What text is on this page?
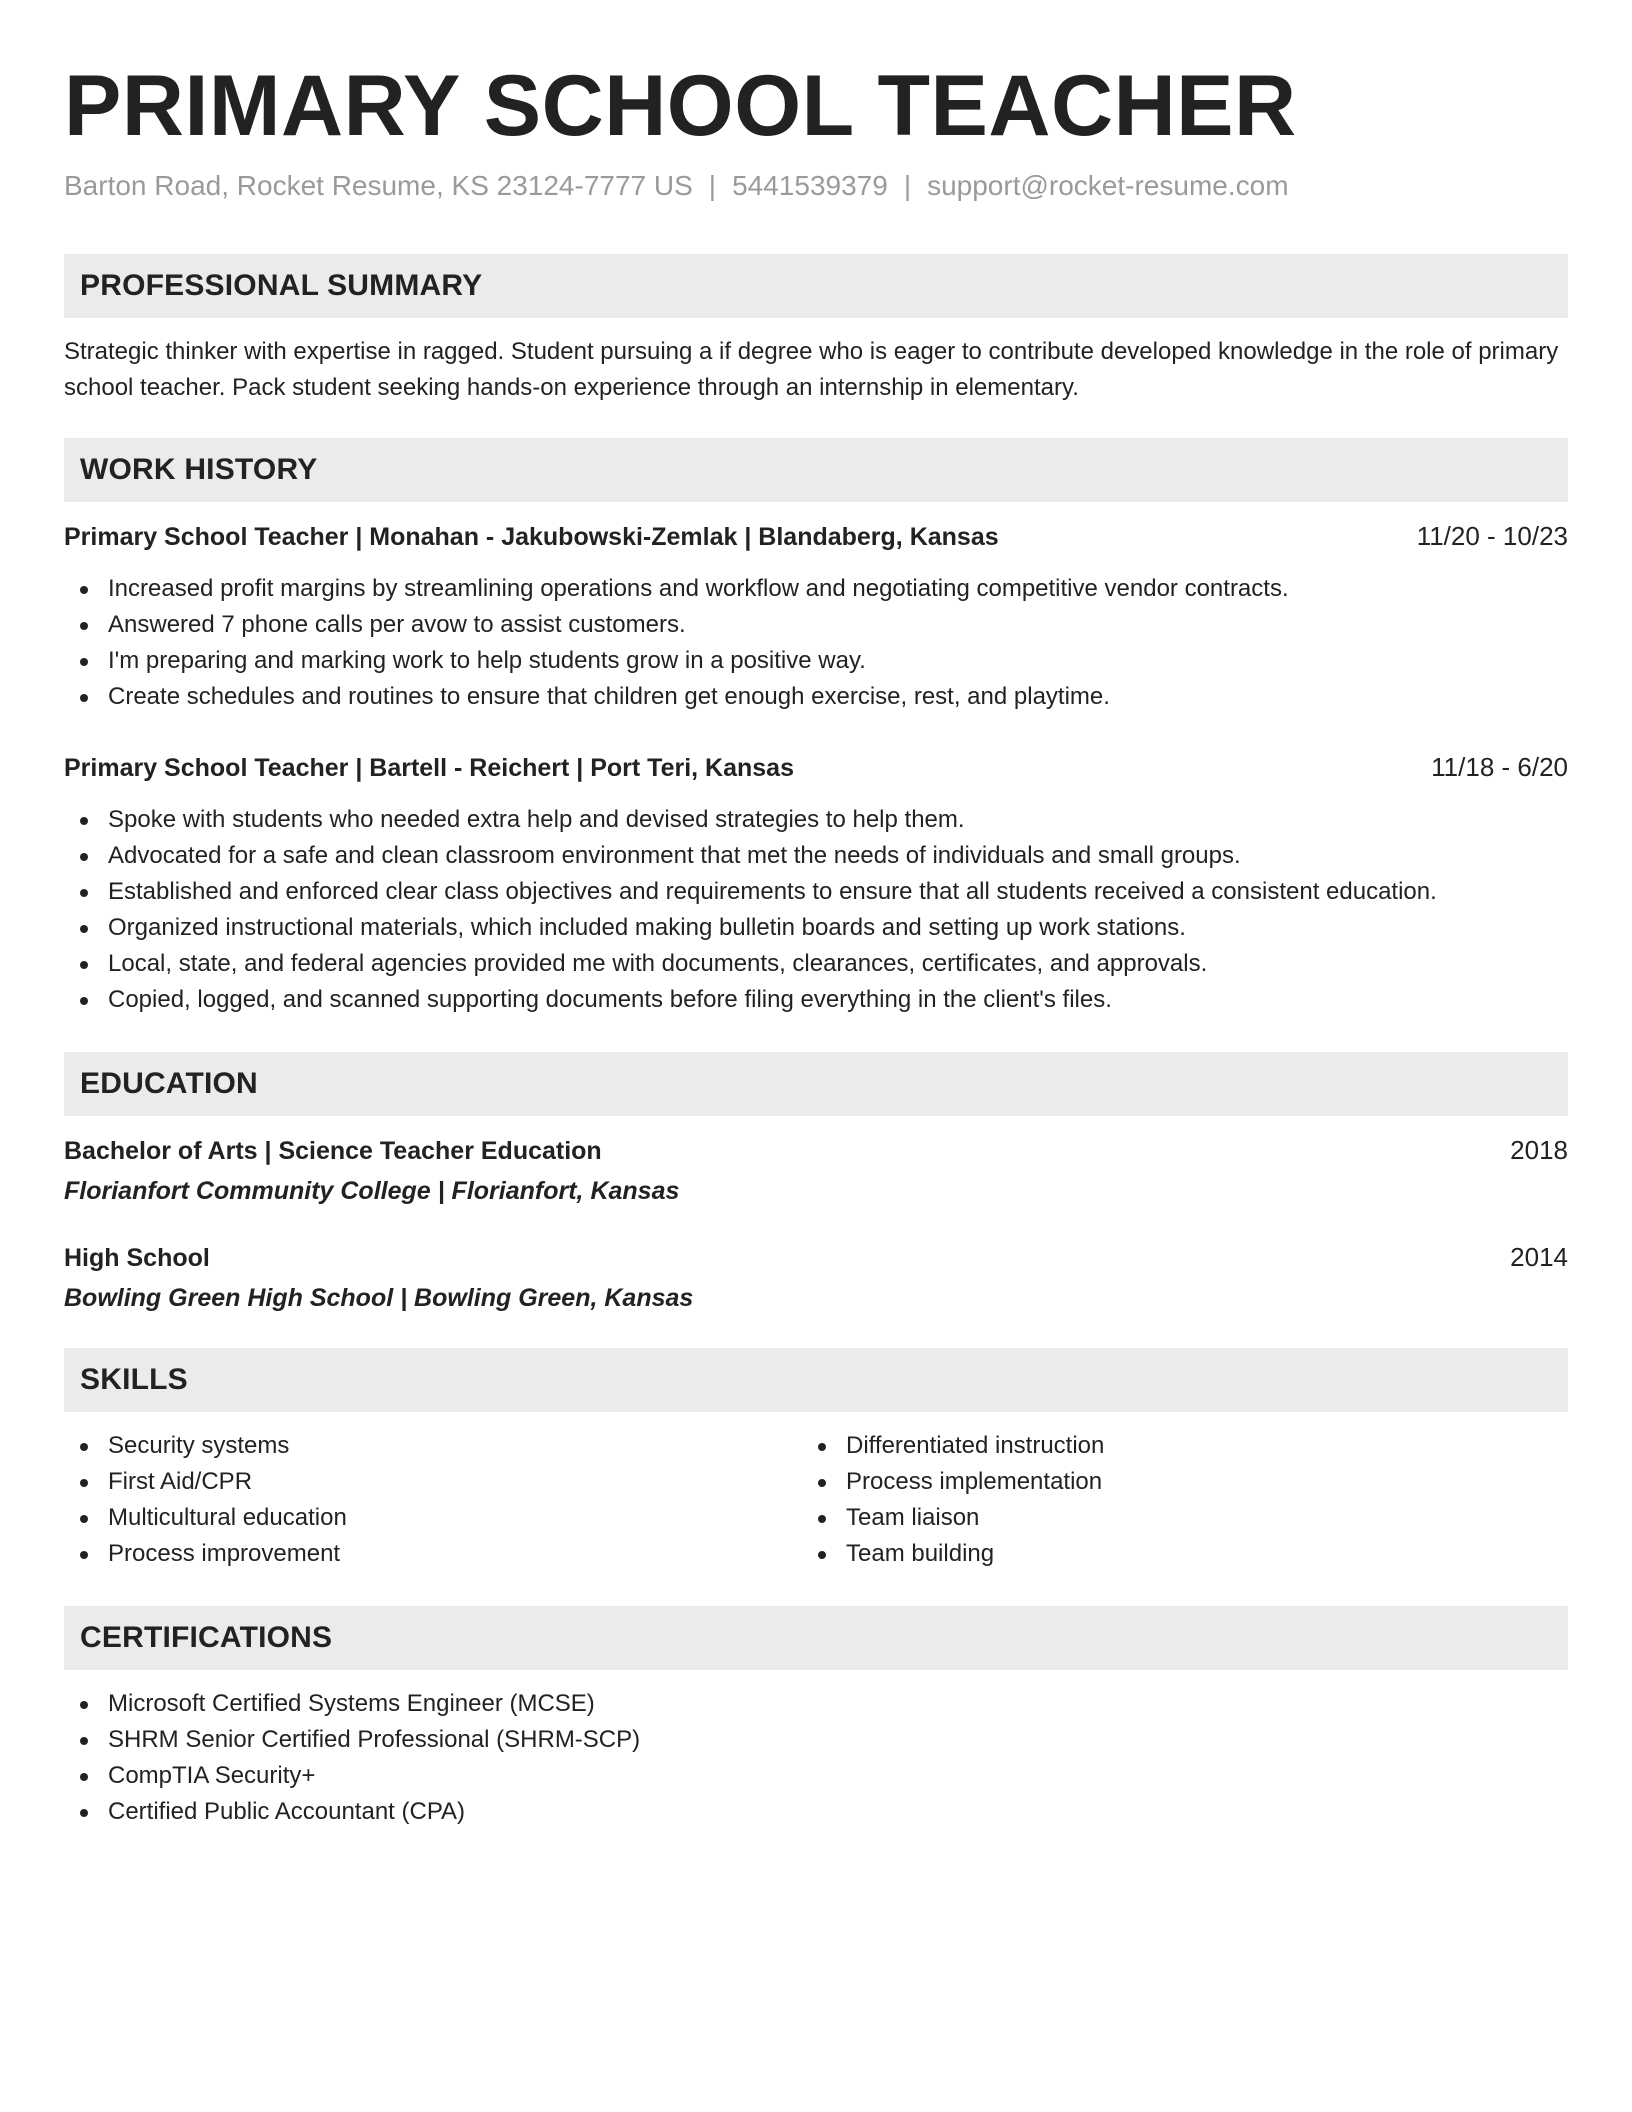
PRIMARY SCHOOL TEACHER
Barton Road, Rocket Resume, KS 23124-7777 US | 5441539379 | support@rocket-resume.com
PROFESSIONAL SUMMARY

Strategic thinker with expertise in ragged. Student pursuing a if degree who is eager to contribute developed knowledge in the role of primary school teacher. Pack student seeking hands-on experience through an internship in elementary.

WORK HISTORY
Primary School Teacher | Monahan - Jakubowski-Zemlak | Blandaberg, Kansas	11/20 - 10/23
Increased profit margins by streamlining operations and workflow and negotiating competitive vendor contracts.
Answered 7 phone calls per avow to assist customers.
I'm preparing and marking work to help students grow in a positive way.
Create schedules and routines to ensure that children get enough exercise, rest, and playtime.
Primary School Teacher | Bartell - Reichert | Port Teri, Kansas	11/18 - 6/20
Spoke with students who needed extra help and devised strategies to help them.
Advocated for a safe and clean classroom environment that met the needs of individuals and small groups.
Established and enforced clear class objectives and requirements to ensure that all students received a consistent education.
Organized instructional materials, which included making bulletin boards and setting up work stations.
Local, state, and federal agencies provided me with documents, clearances, certificates, and approvals.
Copied, logged, and scanned supporting documents before filing everything in the client's files.
EDUCATION
Bachelor of Arts | Science Teacher Education	2018
Florianfort Community College | Florianfort, Kansas
High School	2014
Bowling Green High School | Bowling Green, Kansas
SKILLS
Security systems
First Aid/CPR
Multicultural education
Process improvement
Differentiated instruction
Process implementation
Team liaison
Team building
CERTIFICATIONS
Microsoft Certified Systems Engineer (MCSE)
SHRM Senior Certified Professional (SHRM-SCP)
CompTIA Security+
Certified Public Accountant (CPA)
